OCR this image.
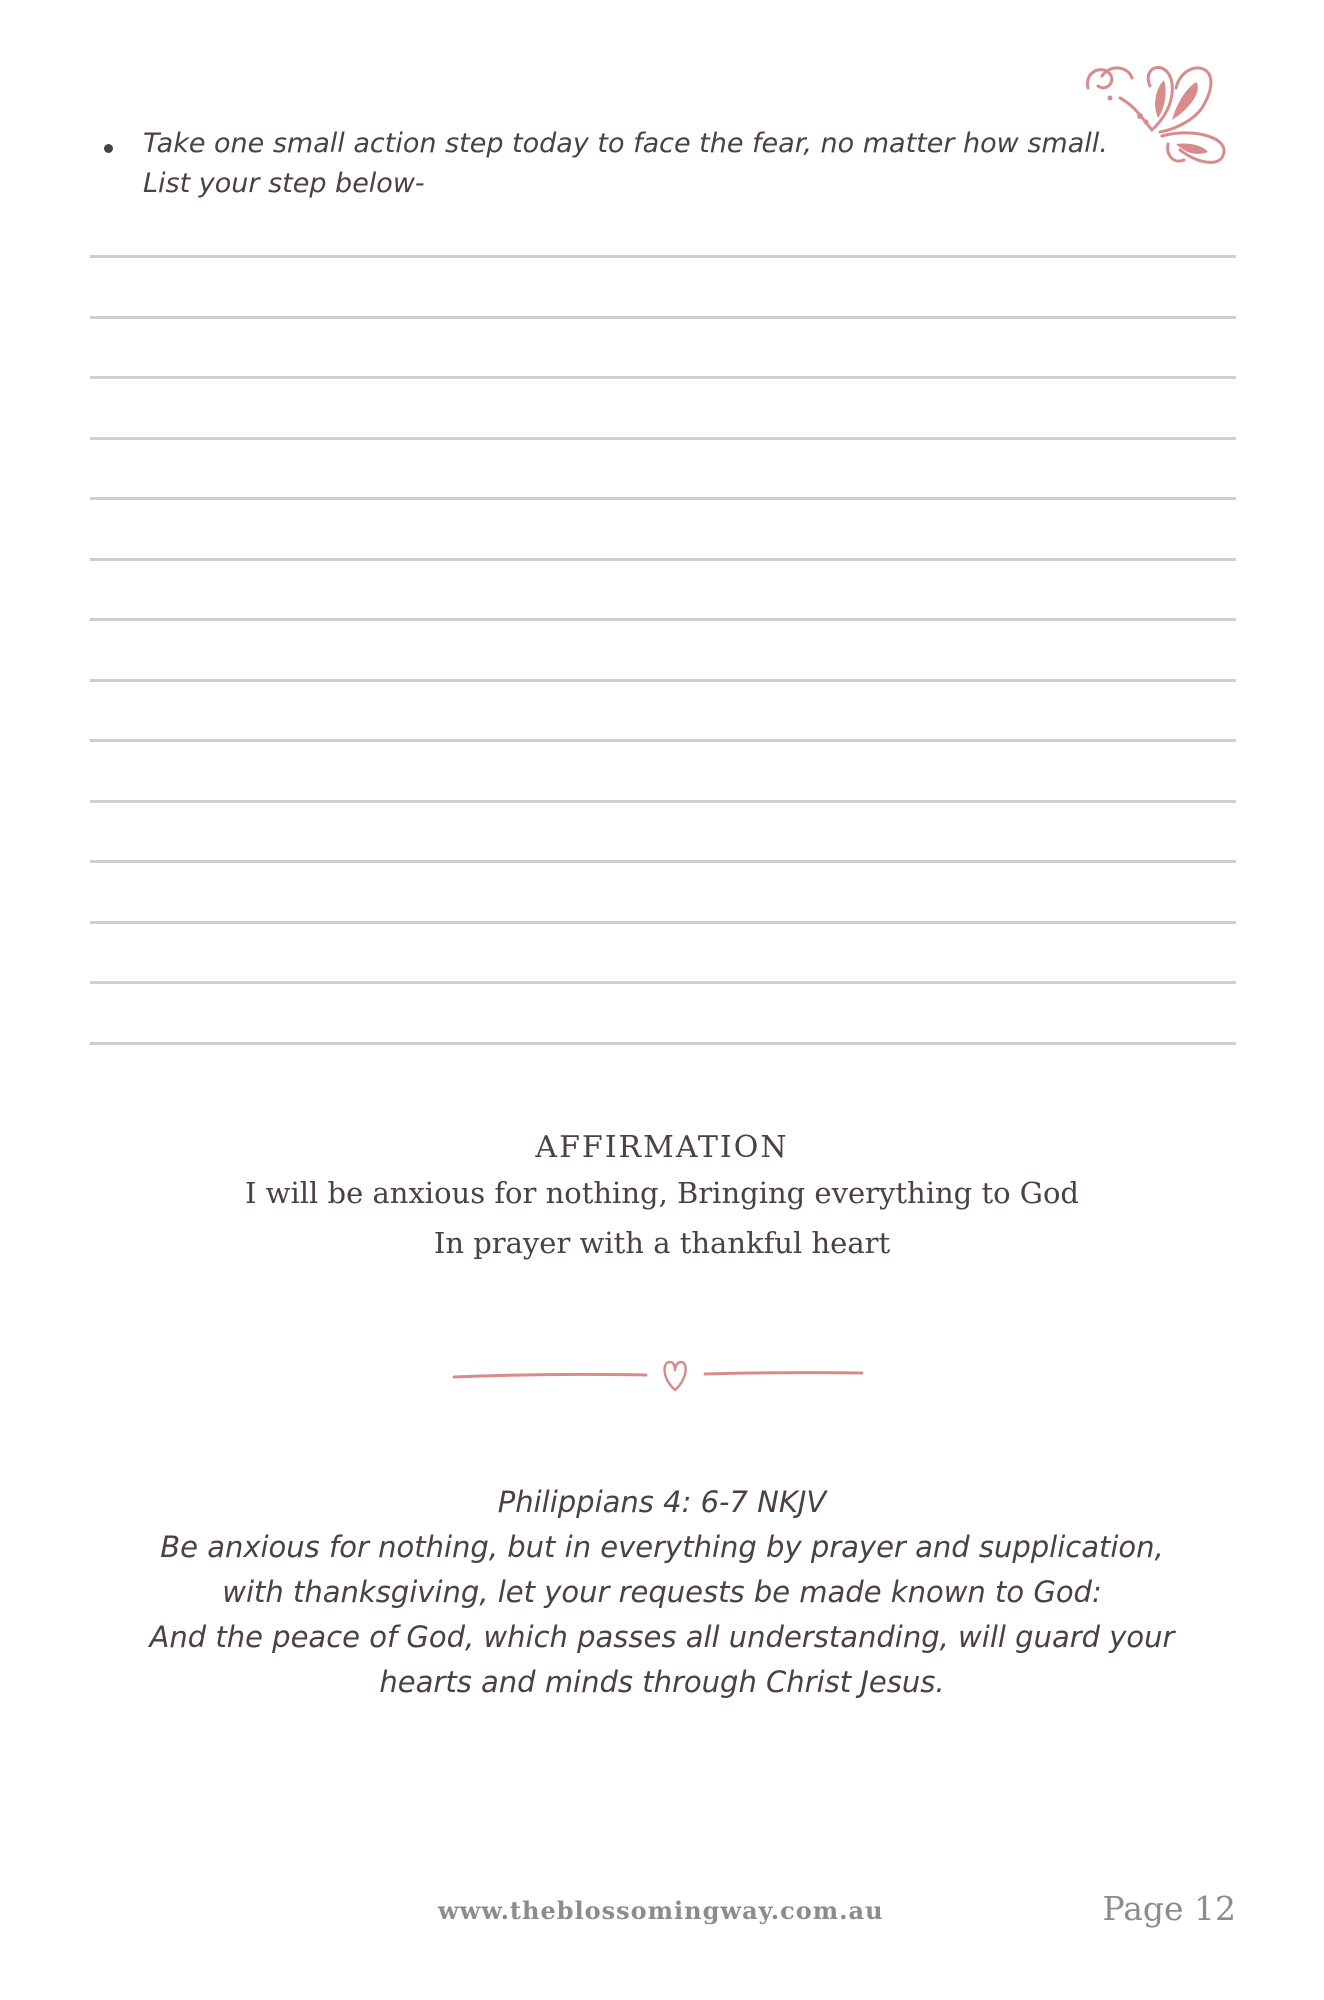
Take one small action step today to face the fear, no matter how small.
List your step below-
AFFIRMATION
I will be anxious for nothing, Bringing everything to God
In prayer with a thankful heart
Philippians 4: 6-7 NKJV
Be anxious for nothing, but in everything by prayer and supplication,
with thanksgiving, let your requests be made known to God:
And the peace of God, which passes all understanding, will guard your
hearts and minds through Christ Jesus.
www.theblossomingway.com.au	Page 12
